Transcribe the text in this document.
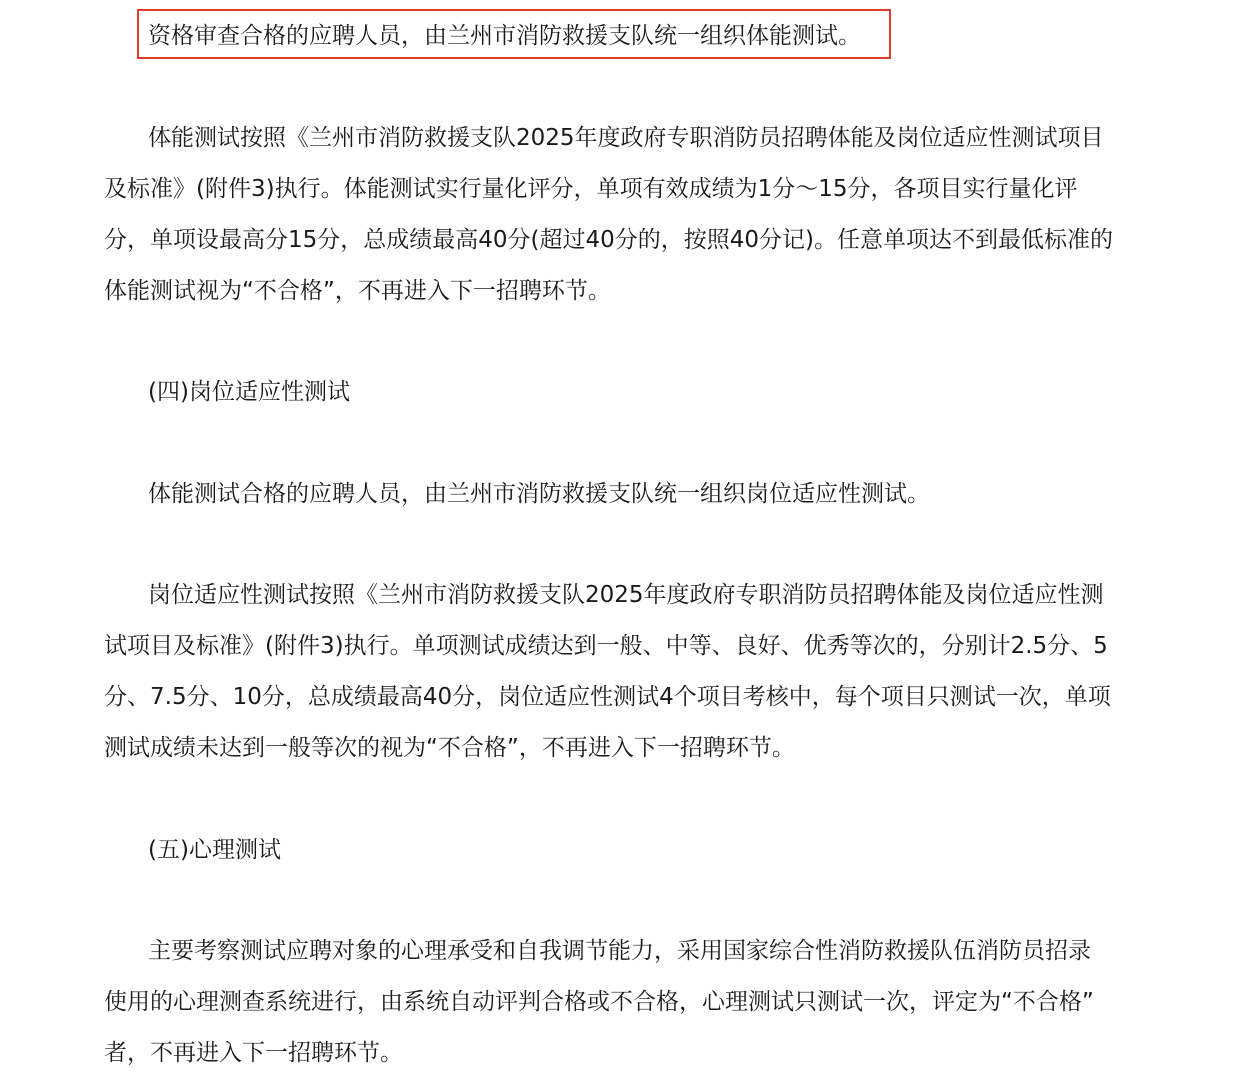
资格审查合格的应聘人员，由兰州市消防救援支队统一组织体能测试。
体能测试按照《兰州市消防救援支队2025年度政府专职消防员招聘体能及岗位适应性测试项目
及标准》(附件3)执行。体能测试实行量化评分，单项有效成绩为1分～15分，各项目实行量化评
分，单项设最高分15分，总成绩最高40分(超过40分的，按照40分记)。任意单项达不到最低标准的
体能测试视为“不合格”，不再进入下一招聘环节。
(四)岗位适应性测试
体能测试合格的应聘人员，由兰州市消防救援支队统一组织岗位适应性测试。
岗位适应性测试按照《兰州市消防救援支队2025年度政府专职消防员招聘体能及岗位适应性测
试项目及标准》(附件3)执行。单项测试成绩达到一般、中等、良好、优秀等次的，分别计2.5分、5
分、7.5分、10分，总成绩最高40分，岗位适应性测试4个项目考核中，每个项目只测试一次，单项
测试成绩未达到一般等次的视为“不合格”，不再进入下一招聘环节。
(五)心理测试
主要考察测试应聘对象的心理承受和自我调节能力，采用国家综合性消防救援队伍消防员招录
使用的心理测查系统进行，由系统自动评判合格或不合格，心理测试只测试一次，评定为“不合格”
者，不再进入下一招聘环节。
